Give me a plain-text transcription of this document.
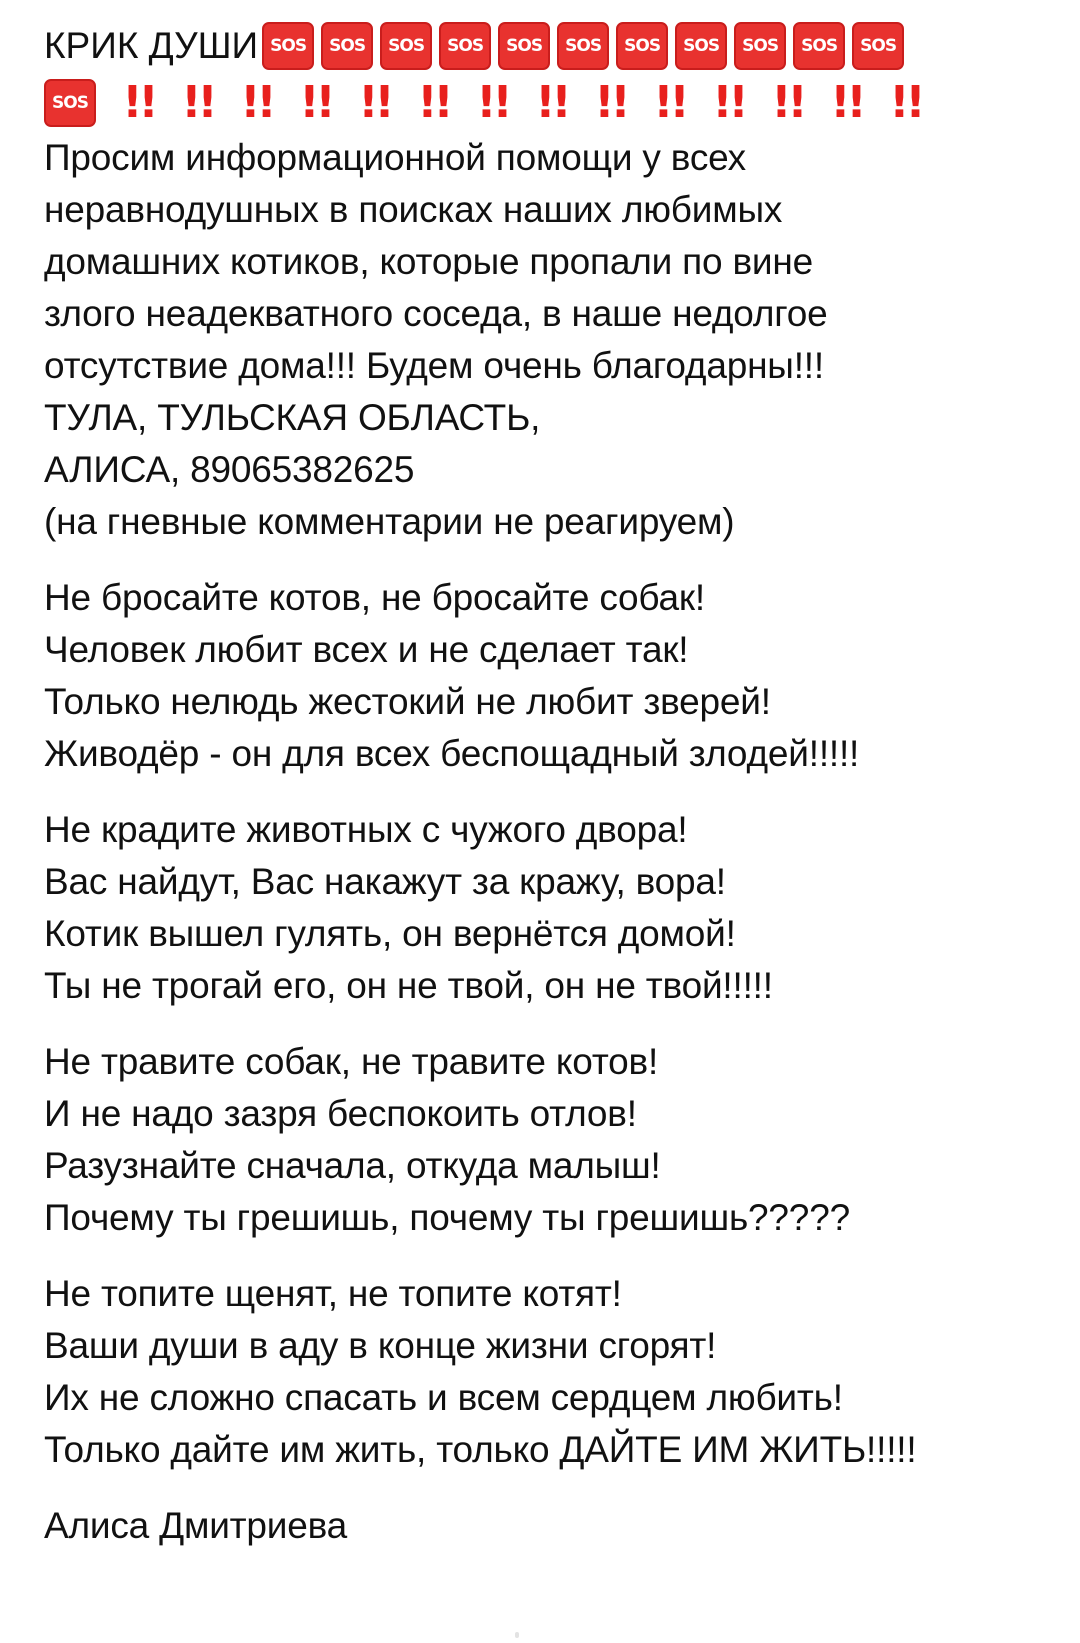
КРИК ДУШИ SOS	SOS	SOS	SOS	SOS	SOS	SOS	SOS	SOS	SOS	SOS
SOS !! !! !! !! !! !! !! !! !! !! !! !! !! !!
Просим информационной помощи у всех
неравнодушных в поисках наших любимых
домашних котиков, которые пропали по вине
злого неадекватного соседа, в наше недолгое
отсутствие дома!!! Будем очень благодарны!!!
ТУЛА, ТУЛЬСКАЯ ОБЛАСТЬ,
АЛИСА, 89065382625
(на гневные комментарии не реагируем)
Не бросайте котов, не бросайте собак!
Человек любит всех и не сделает так!
Только нелюдь жестокий не любит зверей!
Живодёр - он для всех беспощадный злодей!!!!!
Не крадите животных с чужого двора!
Вас найдут, Вас накажут за кражу, вора!
Котик вышел гулять, он вернётся домой!
Ты не трогай его, он не твой, он не твой!!!!!
Не травите собак, не травите котов!
И не надо зазря беспокоить отлов!
Разузнайте сначала, откуда малыш!
Почему ты грешишь, почему ты грешишь?????
Не топите щенят, не топите котят!
Ваши души в аду в конце жизни сгорят!
Их не сложно спасать и всем сердцем любить!
Только дайте им жить, только ДАЙТЕ ИМ ЖИТЬ!!!!!
Алиса Дмитриева
